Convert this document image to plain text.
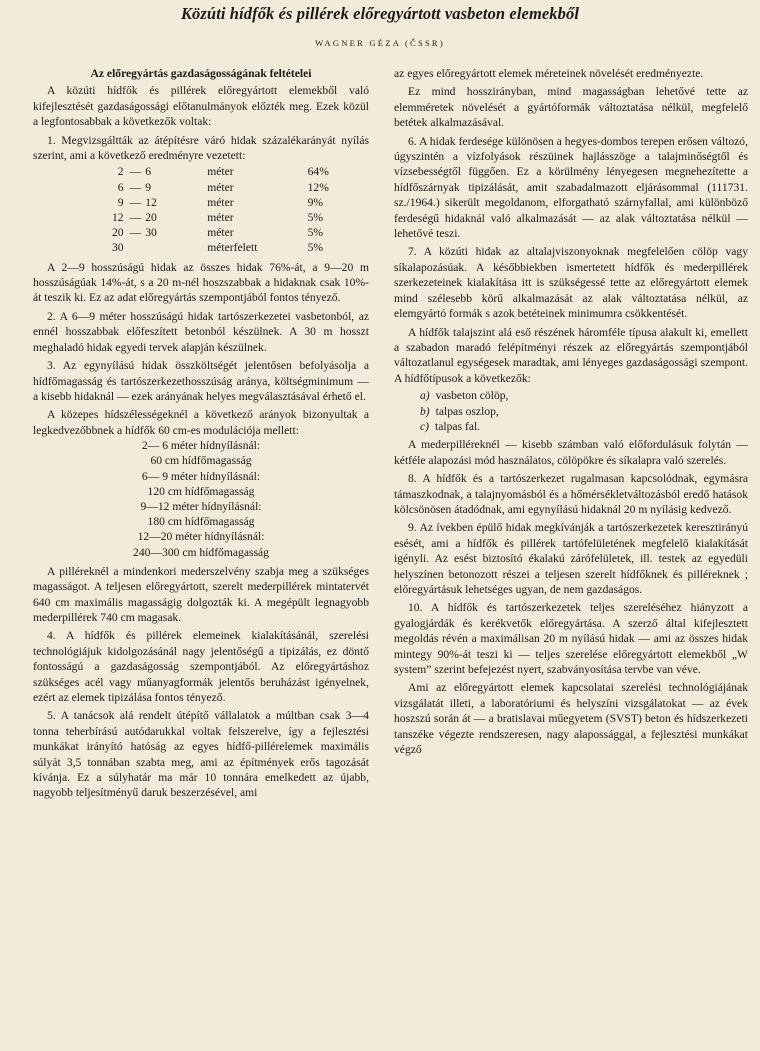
Közúti hídfők és pillérek előregyártott vasbeton elemekből
WAGNER GÉZA (ČSSR)
Az előregyártás gazdaságosságának feltételei

A közúti hídfők és pillérek előregyártott elemekből való kifejlesztését gazdaságossági előtanulmányok előzték meg. Ezek közül a legfontosabbak a következők voltak:

1. Megvizsgáltták az átépítésre váró hidak százalékarányát nyílás szerint, ami a következő eredményre vezetett:

2	—	6	méter		64%
6	—	9	méter		12%
9	—	12	méter		9%
12	—	20	méter		5%
20	—	30	méter		5%
30			méter	felett	5%

A 2—9 hosszúságú hidak az összes hidak 76%-át, a 9—20 m hosszúságúak 14%-át, s a 20 m-nél hoszszabbak a hidaknak csak 10%-át teszik ki. Ez az adat előregyártás szempontjából fontos tényező.

2. A 6—9 méter hosszúságú hidak tartószerkezetei vasbetonból, az ennél hosszabbak előfeszített betonból készülnek. A 30 m hosszt meghaladó hidak egyedi tervek alapján készülnek.

3. Az egynyílású hidak összköltségét jelentősen befolyásolja a hídfőmagasság és tartószerkezethosszúság aránya, költségminimum — a kisebb hidaknál — ezek arányának helyes megválasztásával érhető el.

A közepes hídszélességeknél a következő arányok bizonyultak a legkedvezőbbnek a hídfők 60 cm-es modulációja mellett:

2— 6 méter hídnyílásnál:
60 cm hídfőmagasság
6— 9 méter hídnyílásnál:
120 cm hídfőmagasság
9—12 méter hídnyílásnál:
180 cm hídfőmagasság
12—20 méter hídnyílásnál:
240—300 cm hídfőmagasság

A pilléreknél a mindenkori mederszelvény szabja meg a szükséges magasságot. A teljesen előregyártott, szerelt mederpillérek mintatervét 640 cm maximális magasságig dolgozták ki. A megépült legnagyobb mederpillérek 740 cm magasak.

4. A hídfők és pillérek elemeinek kialakításánál, szerelési technológiájuk kidolgozásánál nagy jelentőségű a tipizálás, ez döntő fontosságú a gazdaságosság szempontjából. Az előregyártáshoz szükséges acél vagy műanyagformák jelentős beruházást igényelnek, ezért az elemek tipizálása fontos tényező.

5. A tanácsok alá rendelt útépítő vállalatok a múltban csak 3—4 tonna teherbírású autódarukkal voltak felszerelve, így a fejlesztési munkákat irányító hatóság az egyes hídfő-pillérelemek maximális súlyát 3,5 tonnában szabta meg, ami az építmények erős tagozását kívánja. Ez a súlyhatár ma már 10 tonnára emelkedett az újabb, nagyobb teljesítményű daruk beszerzésével, ami

az egyes előregyártott elemek méreteinek növelését eredményezte.

Ez mind hosszirányban, mind magasságban lehetővé tette az elemméretek növelését a gyártóformák változtatása nélkül, megfelelő betétek alkalmazásával.

6. A hidak ferdesége különösen a hegyes-dombos terepen erősen változó, úgyszintén a vízfolyások részüinek hajlásszöge a talajminőségtől és vízsebességtől függően. Ez a körülmény lényegesen megnehezítette a hídfőszárnyak tipizálását, amit szabadalmazott eljárásommal (111731. sz./1964.) sikerült megoldanom, elforgatható szárnyfallal, ami különböző ferdeségű hidaknál való alkalmazását — az alak változtatása nélkül — lehetővé teszi.

7. A közúti hidak az altalajviszonyoknak megfelelően cölöp vagy síkalapozásúak. A későbbiekben ismertetett hídfők és mederpillérek szerkezeteinek kialakítása itt is szükségessé tette az előregyártott elemek mind szélesebb körű alkalmazását az alak változtatása nélkül, az elemgyártó formák s azok betéteinek minimumra csökkentését.

A hídfők talajszint alá eső részének háromféle típusa alakult ki, emellett a szabadon maradó felépítményi részek az előregyártás szempontjából változatlanul egységesek maradtak, ami lényeges gazdaságossági szempont. A hídfőtípusok a következők:

a) vasbeton cölöp,
b) talpas oszlop,
c) talpas fal.

A mederpilléreknél — kisebb számban való előfordulásuk folytán — kétféle alapozási mód használatos, cölöpökre és síkalapra való szerelés.

8. A hídfők és a tartószerkezet rugalmasan kapcsolódnak, egymásra támaszkodnak, a talajnyomásból és a hőmérsékletváltozásból eredő hatások kölcsönösen átadódnak, ami egynyílású hidaknál 20 m nyílásig kedvező.

9. Az ívekben épülő hidak megkívánják a tartószerkezetek keresztirányú esését, ami a hídfők és pillérek tartófelületének megfelelő kialakítását igényli. Az esést biztosító ékalakú zárófelületek, ill. testek az egyedüli helyszínen betonozott részei a teljesen szerelt hídfőknek és pilléreknek ; előregyártásuk lehetséges ugyan, de nem gazdaságos.

10. A hídfők és tartószerkezetek teljes szereléséhez hiányzott a gyalogjárdák és kerékvetők előregyártása. A szerző által kifejlesztett megoldás révén a maximálisan 20 m nyílású hidak — ami az összes hidak mintegy 90%-át teszi ki — teljes szerelése előregyártott elemekből „W system” szerint befejezést nyert, szabványosítása tervbe van véve.

Ami az előregyártott elemek kapcsolatai szerelési technológiájának vizsgálatát illeti, a laboratóriumi és helyszíni vizsgálatokat — az évek hoszszú során át — a bratislavai műegyetem (SVST) beton és hídszerkezeti tanszéke végezte rendszeresen, nagy alapossággal, a fejlesztési munkákat végző
